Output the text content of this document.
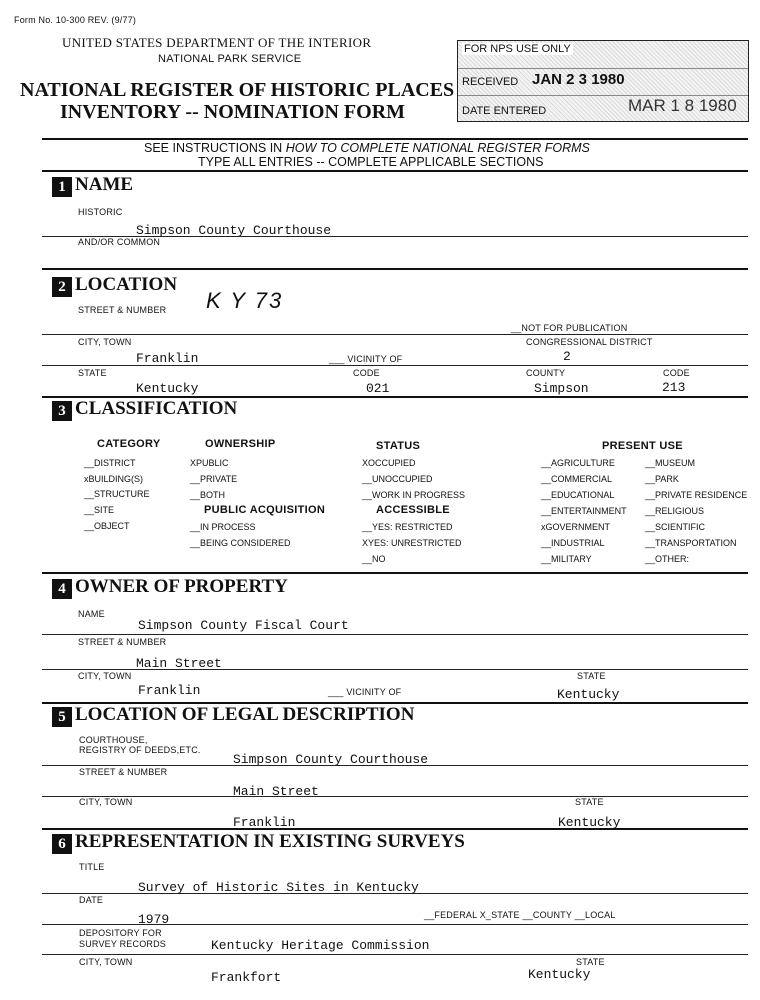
Form No. 10-300 REV. (9/77)
UNITED STATES DEPARTMENT OF THE INTERIOR
NATIONAL PARK SERVICE
NATIONAL REGISTER OF HISTORIC PLACES
INVENTORY -- NOMINATION FORM
FOR NPS USE ONLY
RECEIVED JAN 2 3 1980
DATE ENTERED	MAR 1 8 1980
SEE INSTRUCTIONS IN HOW TO COMPLETE NATIONAL REGISTER FORMS
TYPE ALL ENTRIES -- COMPLETE APPLICABLE SECTIONS
1 NAME
HISTORIC
Simpson County Courthouse
AND/OR COMMON
2 LOCATION
STREET & NUMBER K Y 73
__NOT FOR PUBLICATION
CITY, TOWN	CONGRESSIONAL DISTRICT
Franklin	___ VICINITY OF	2
STATE	CODE	COUNTY	CODE
Kentucky	021	Simpson	213
3 CLASSIFICATION
CATEGORY
__DISTRICT
xBUILDING(S)
__STRUCTURE
__SITE
__OBJECT
OWNERSHIP
XPUBLIC
__PRIVATE
__BOTH
PUBLIC ACQUISITION
__IN PROCESS
__BEING CONSIDERED
STATUS
XOCCUPIED
__UNOCCUPIED
__WORK IN PROGRESS
ACCESSIBLE
__YES: RESTRICTED
XYES: UNRESTRICTED
__NO
PRESENT USE
__AGRICULTURE
__COMMERCIAL
__EDUCATIONAL
__ENTERTAINMENT
xGOVERNMENT
__INDUSTRIAL
__MILITARY
__MUSEUM
__PARK
__PRIVATE RESIDENCE
__RELIGIOUS
__SCIENTIFIC
__TRANSPORTATION
__OTHER:
4 OWNER OF PROPERTY
NAME
Simpson County Fiscal Court
STREET & NUMBER
Main Street
CITY, TOWN	STATE
Franklin	___ VICINITY OF	Kentucky
5 LOCATION OF LEGAL DESCRIPTION
COURTHOUSE,
REGISTRY OF DEEDS,ETC.
Simpson County Courthouse
STREET & NUMBER
Main Street
CITY, TOWN	STATE
Franklin	Kentucky
6 REPRESENTATION IN EXISTING SURVEYS
TITLE
Survey of Historic Sites in Kentucky
DATE
1979	__FEDERAL X_STATE __COUNTY __LOCAL
DEPOSITORY FOR
SURVEY RECORDS	Kentucky Heritage Commission
CITY, TOWN	STATE
Frankfort	Kentucky
